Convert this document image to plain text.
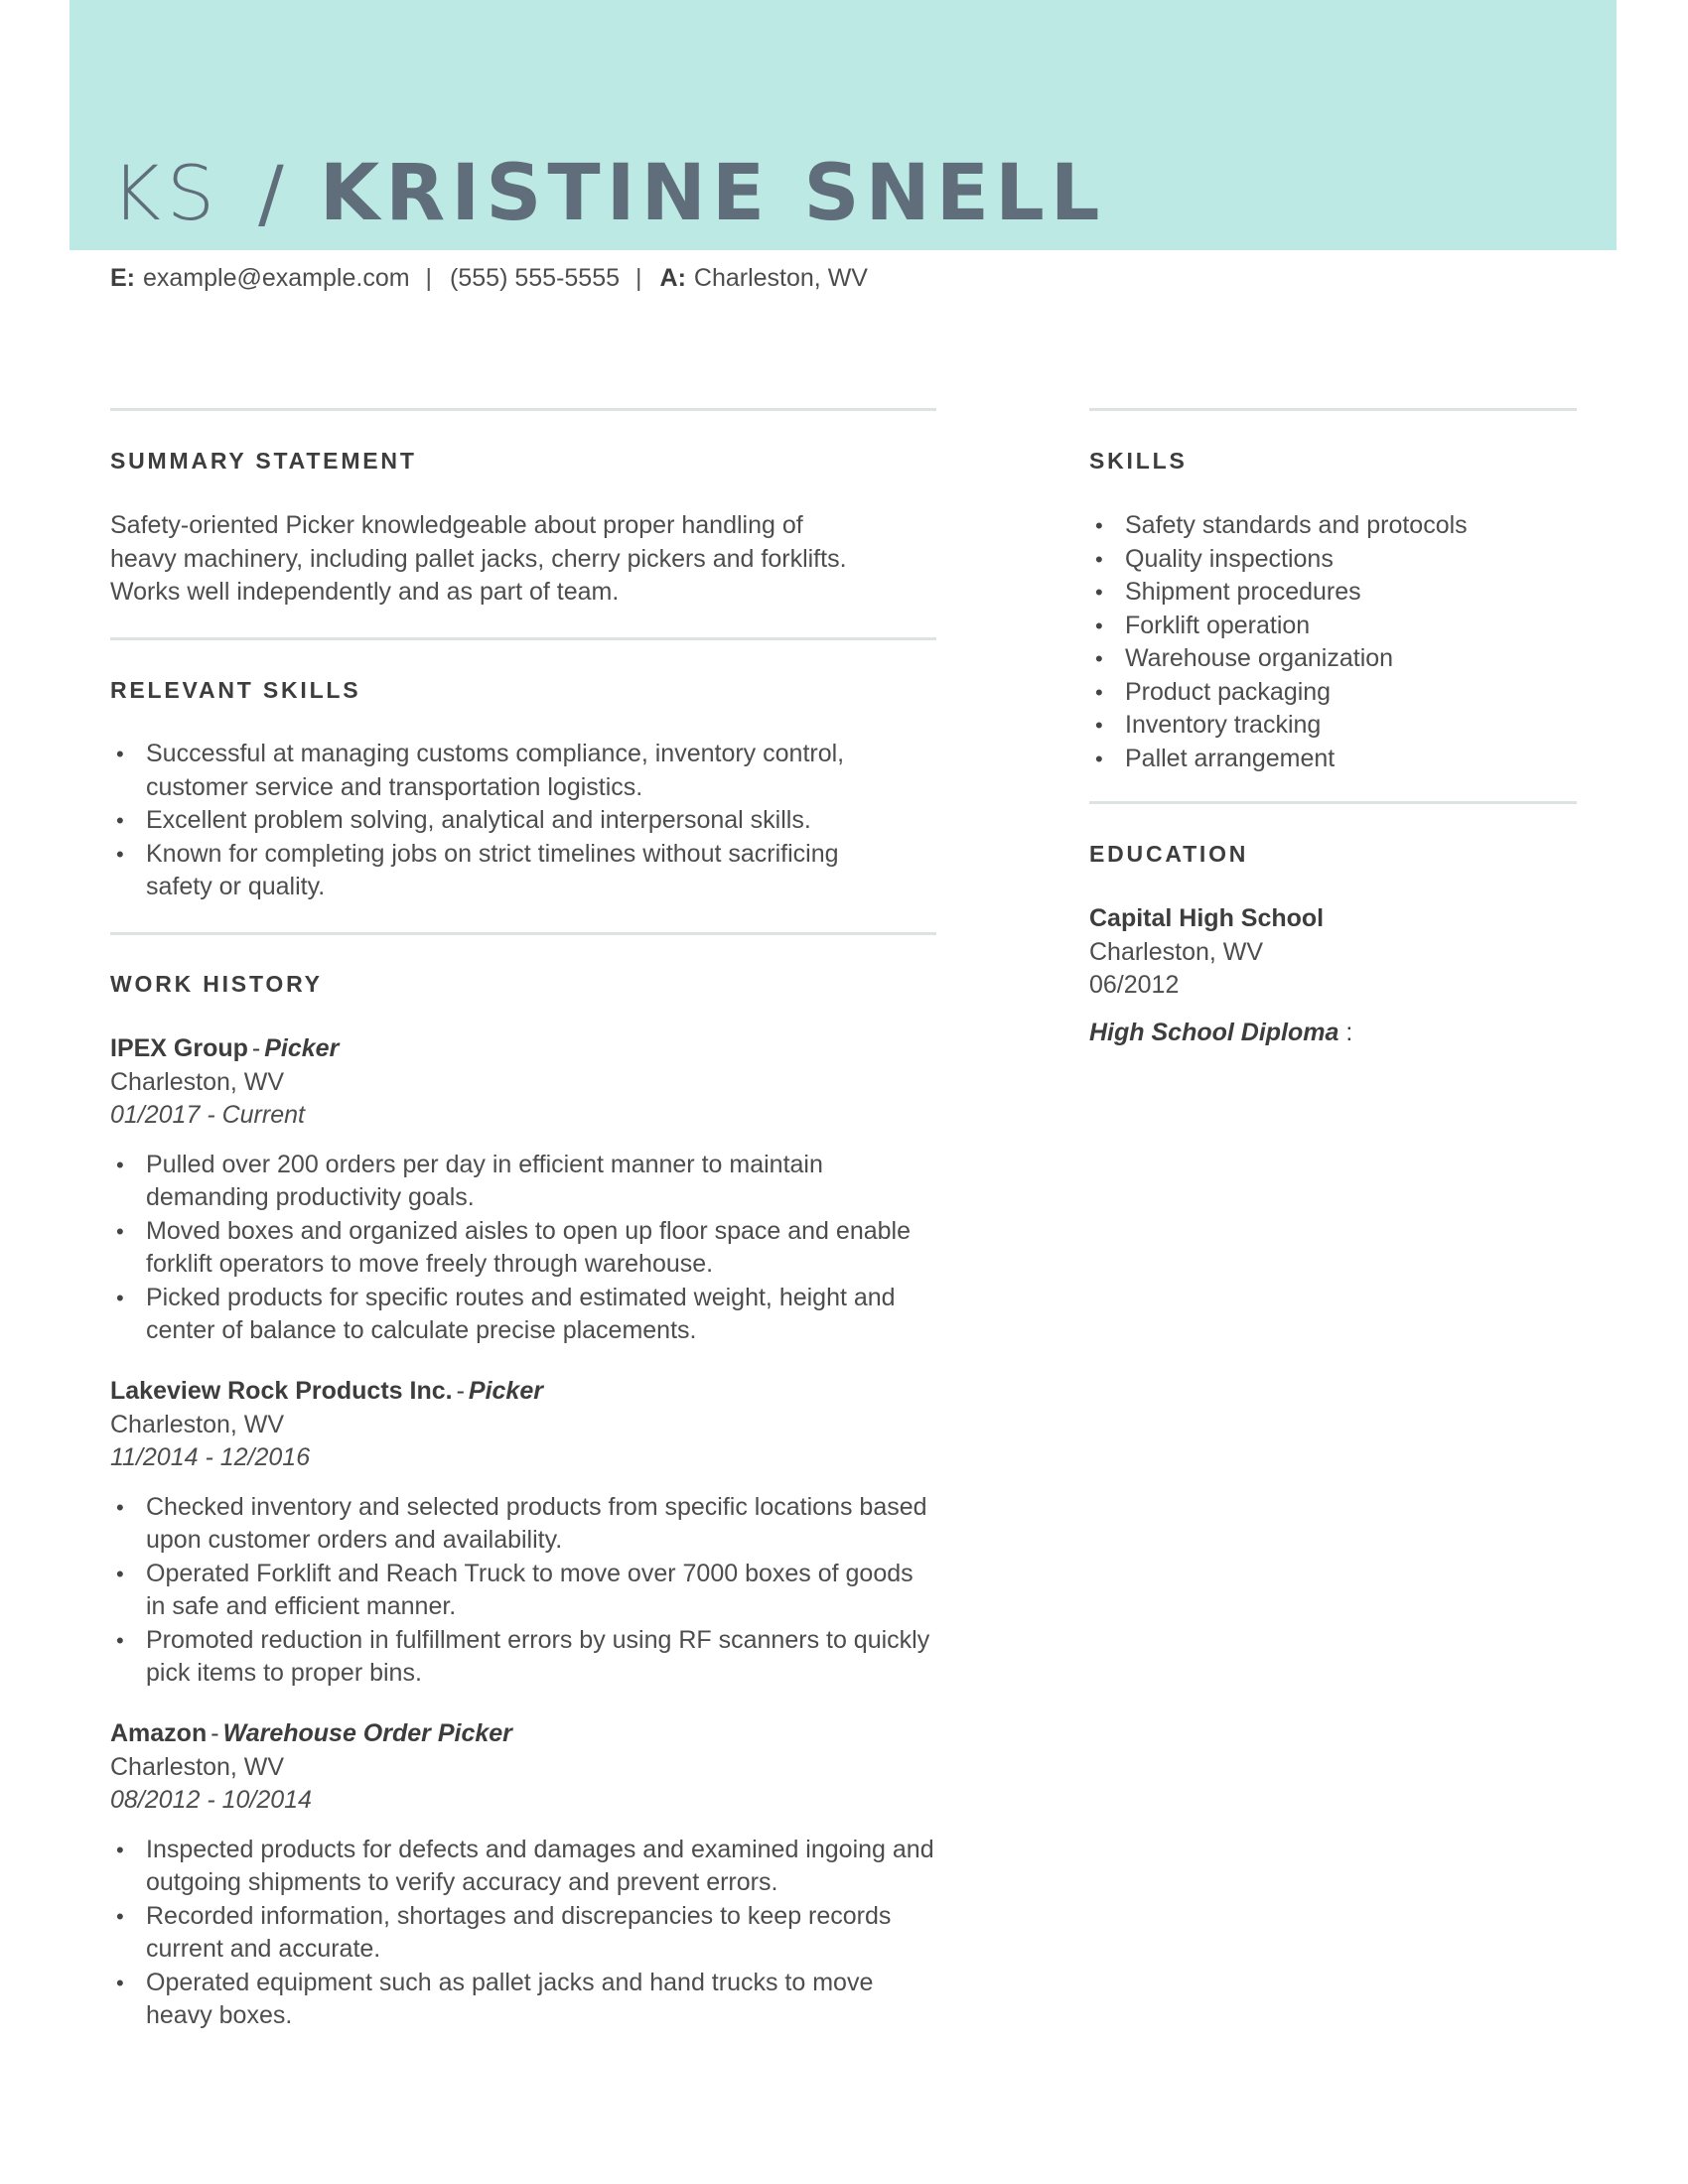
KS / KRISTINE SNELL
E: example@example.com | (555) 555-5555 | A: Charleston, WV
SUMMARY STATEMENT
Safety-oriented Picker knowledgeable about proper handling of
heavy machinery, including pallet jacks, cherry pickers and forklifts.
Works well independently and as part of team.
RELEVANT SKILLS
• Successful at managing customs compliance, inventory control, customer service and transportation logistics.
• Excellent problem solving, analytical and interpersonal skills.
• Known for completing jobs on strict timelines without sacrificing safety or quality.
WORK HISTORY
IPEX Group - Picker
Charleston, WV
01/2017 - Current
• Pulled over 200 orders per day in efficient manner to maintain demanding productivity goals.
• Moved boxes and organized aisles to open up floor space and enable forklift operators to move freely through warehouse.
• Picked products for specific routes and estimated weight, height and center of balance to calculate precise placements.
Lakeview Rock Products Inc. - Picker
Charleston, WV
11/2014 - 12/2016
• Checked inventory and selected products from specific locations based upon customer orders and availability.
• Operated Forklift and Reach Truck to move over 7000 boxes of goods in safe and efficient manner.
• Promoted reduction in fulfillment errors by using RF scanners to quickly pick items to proper bins.
Amazon - Warehouse Order Picker
Charleston, WV
08/2012 - 10/2014
• Inspected products for defects and damages and examined ingoing and outgoing shipments to verify accuracy and prevent errors.
• Recorded information, shortages and discrepancies to keep records current and accurate.
• Operated equipment such as pallet jacks and hand trucks to move heavy boxes.
SKILLS
• Safety standards and protocols
• Quality inspections
• Shipment procedures
• Forklift operation
• Warehouse organization
• Product packaging
• Inventory tracking
• Pallet arrangement
EDUCATION
Capital High School
Charleston, WV
06/2012
High School Diploma :
